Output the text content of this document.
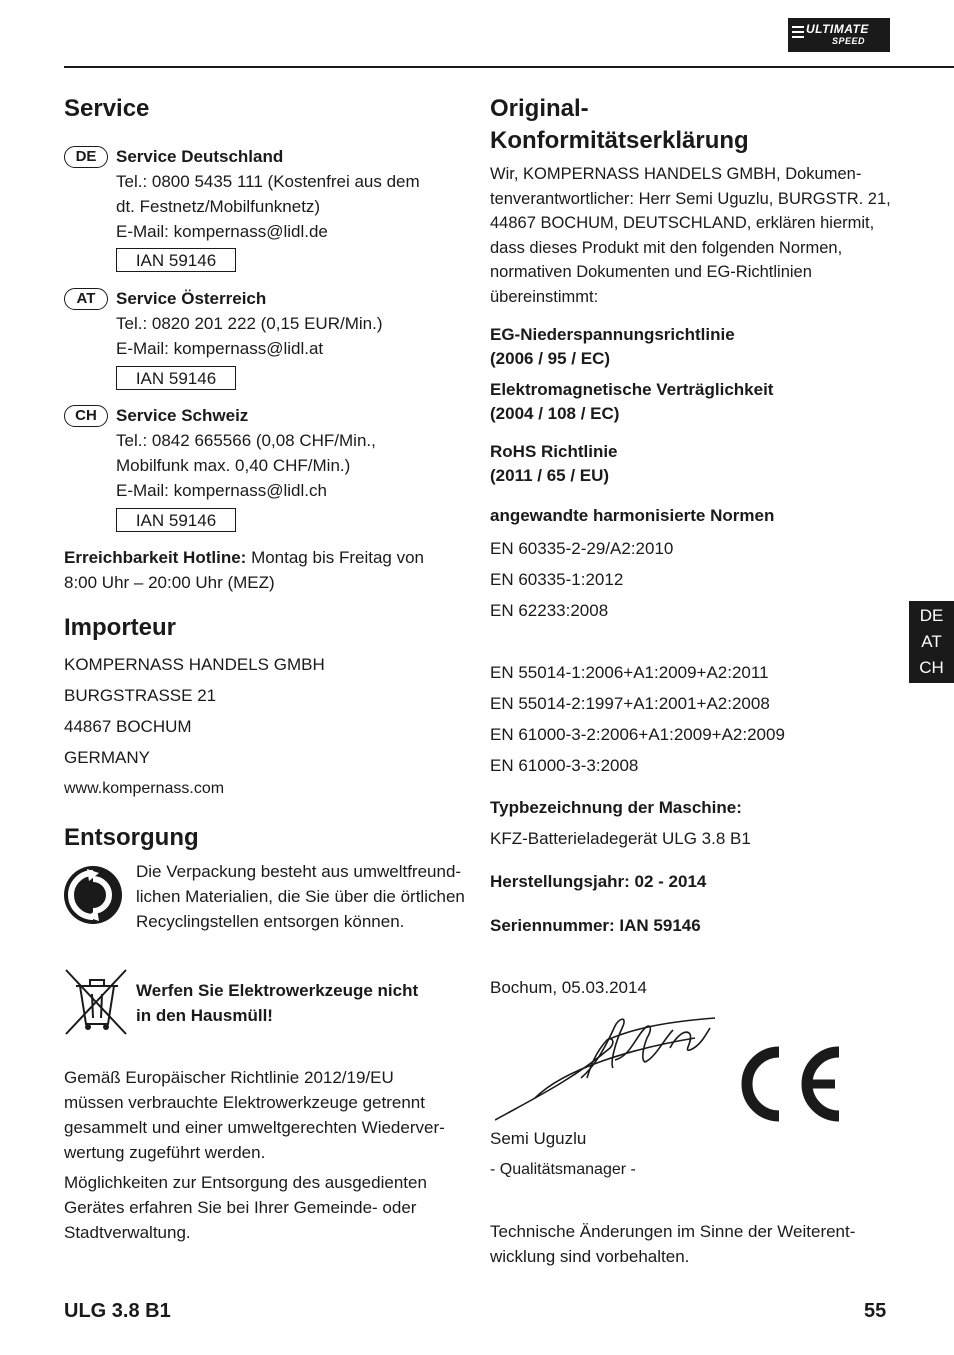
ULTIMATE
SPEED
Service
DE	Service Deutschland
Tel.: 0800 5435 111 (Kostenfrei aus dem
dt. Festnetz/Mobilfunknetz)
E-Mail: kompernass@lidl.de
IAN 59146
AT	Service Österreich
Tel.: 0820 201 222 (0,15 EUR/Min.)
E-Mail: kompernass@lidl.at
IAN 59146
CH	Service Schweiz
Tel.: 0842 665566 (0,08 CHF/Min.,
Mobilfunk max. 0,40 CHF/Min.)
E-Mail: kompernass@lidl.ch
IAN 59146
Erreichbarkeit Hotline: Montag bis Freitag von
8:00 Uhr – 20:00 Uhr (MEZ)
Importeur
KOMPERNASS HANDELS GMBH
BURGSTRASSE 21
44867 BOCHUM
GERMANY
www.kompernass.com
Entsorgung
Die Verpackung besteht aus umweltfreund-
lichen Materialien, die Sie über die örtlichen
Recyclingstellen entsorgen können.
Werfen Sie Elektrowerkzeuge nicht
in den Hausmüll!
Gemäß Europäischer Richtlinie 2012/19/EU
müssen verbrauchte Elektrowerkzeuge getrennt
gesammelt und einer umweltgerechten Wiederver-
wertung zugeführt werden.
Möglichkeiten zur Entsorgung des ausgedienten
Gerätes erfahren Sie bei Ihrer Gemeinde- oder
Stadtverwaltung.
Original-
Konformitätserklärung
Wir, KOMPERNASS HANDELS GMBH, Dokumen-
tenverantwortlicher: Herr Semi Uguzlu, BURGSTR. 21,
44867 BOCHUM, DEUTSCHLAND, erklären hiermit,
dass dieses Produkt mit den folgenden Normen,
normativen Dokumenten und EG-Richtlinien
übereinstimmt:
EG-Niederspannungsrichtlinie
(2006 / 95 / EC)
Elektromagnetische Verträglichkeit
(2004 / 108 / EC)
RoHS Richtlinie
(2011 / 65 / EU)
angewandte harmonisierte Normen
EN 60335-2-29/A2:2010
EN 60335-1:2012
EN 62233:2008
EN 55014-1:2006+A1:2009+A2:2011
EN 55014-2:1997+A1:2001+A2:2008
EN 61000-3-2:2006+A1:2009+A2:2009
EN 61000-3-3:2008
Typbezeichnung der Maschine:
KFZ-Batterieladegerät ULG 3.8 B1
Herstellungsjahr: 02 - 2014
Seriennummer: IAN 59146
Bochum, 05.03.2014
Semi Uguzlu
- Qualitätsmanager -
Technische Änderungen im Sinne der Weiterent-
wicklung sind vorbehalten.
DE
AT
CH
ULG 3.8 B1	55
